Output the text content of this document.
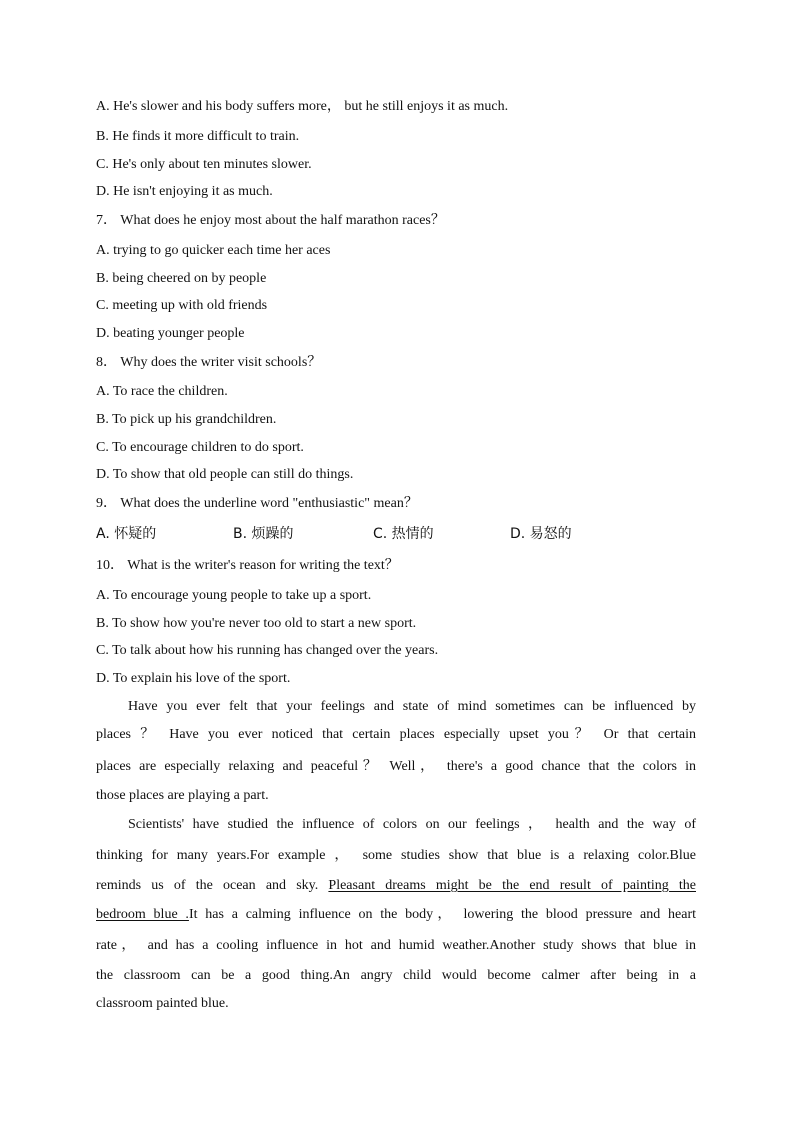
A. He's slower and his body suffers more， but he still enjoys it as much.
B. He finds it more difficult to train.
C. He's only about ten minutes slower.
D. He isn't enjoying it as much.
7． What does he enjoy most about the half marathon races？
A. trying to go quicker each time her aces
B. being cheered on by people
C. meeting up with old friends
D. beating younger people
8． Why does the writer visit schools？
A. To race the children.
B. To pick up his grandchildren.
C. To encourage children to do sport.
D. To show that old people can still do things.
9． What does the underline word "enthusiastic" mean？
A. 怀疑的	B. 烦躁的	C. 热情的	D. 易怒的
10． What is the writer's reason for writing the text？
A. To encourage young people to take up a sport.
B. To show how you're never too old to start a new sport.
C. To talk about how his running has changed over the years.
D. To explain his love of the sport.
Have you ever felt that your feelings and state of mind sometimes can be influenced by
places ？ Have you ever noticed that certain places especially upset you？ Or that certain
places are especially relaxing and peaceful？ Well， there's a good chance that the colors in
those places are playing a part.
Scientists' have studied the influence of colors on our feelings ， health and the way of
thinking for many years.For example ， some studies show that blue is a relaxing color.Blue
reminds us of the ocean and sky. Pleasant dreams might be the end result of painting the
bedroom blue .It has a calming influence on the body， lowering the blood pressure and heart
rate， and has a cooling influence in hot and humid weather.Another study shows that blue in
the classroom can be a good thing.An angry child would become calmer after being in a
classroom painted blue.
